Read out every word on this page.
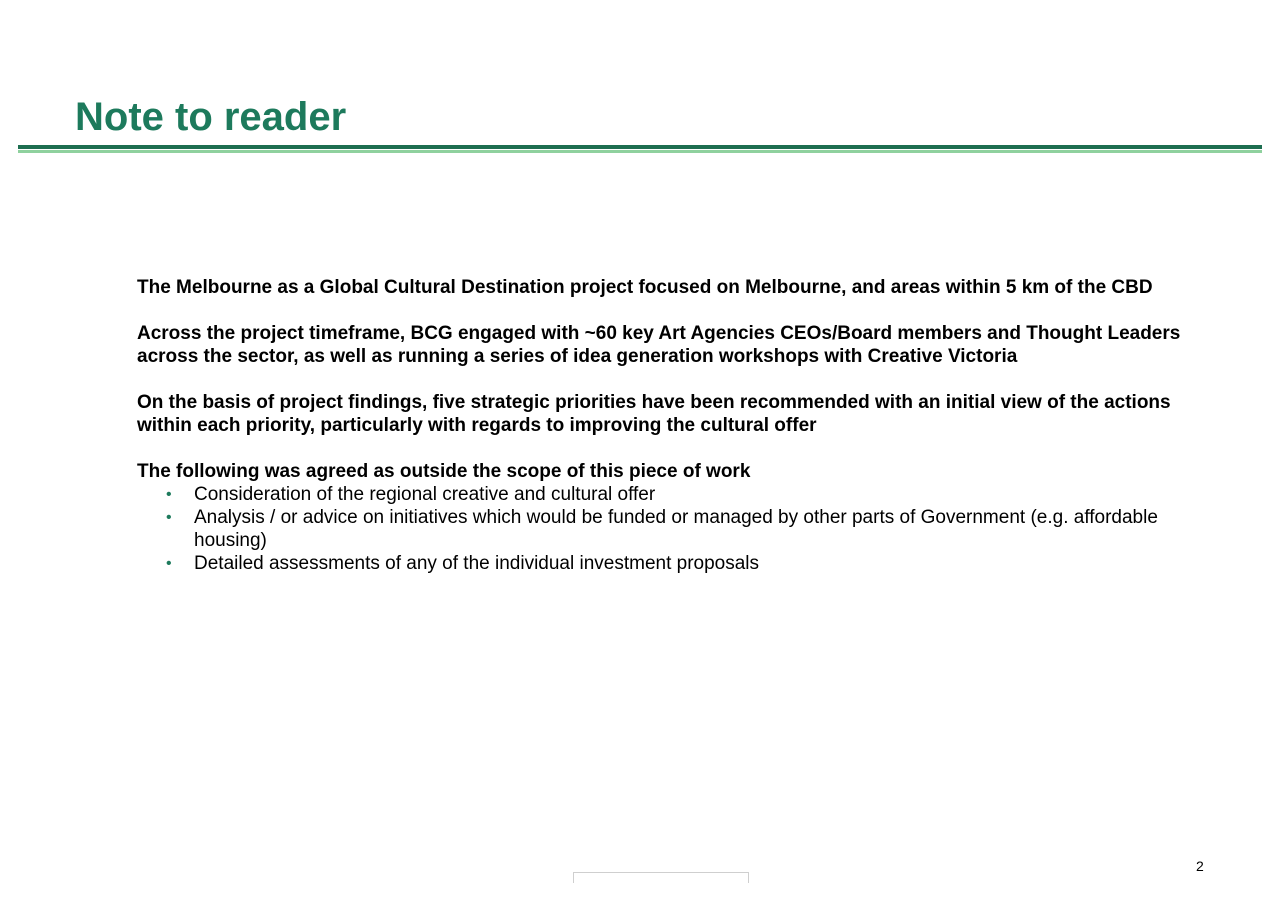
Note to reader

The Melbourne as a Global Cultural Destination project focused on Melbourne, and areas within 5 km of the CBD

Across the project timeframe, BCG engaged with ~60 key Art Agencies CEOs/Board members and Thought Leaders across the sector, as well as running a series of idea generation workshops with Creative Victoria

On the basis of project findings, five strategic priorities have been recommended with an initial view of the actions within each priority, particularly with regards to improving the cultural offer

The following was agreed as outside the scope of this piece of work

• Consideration of the regional creative and cultural offer
• Analysis / or advice on initiatives which would be funded or managed by other parts of Government (e.g. affordable housing)
• Detailed assessments of any of the individual investment proposals
2
